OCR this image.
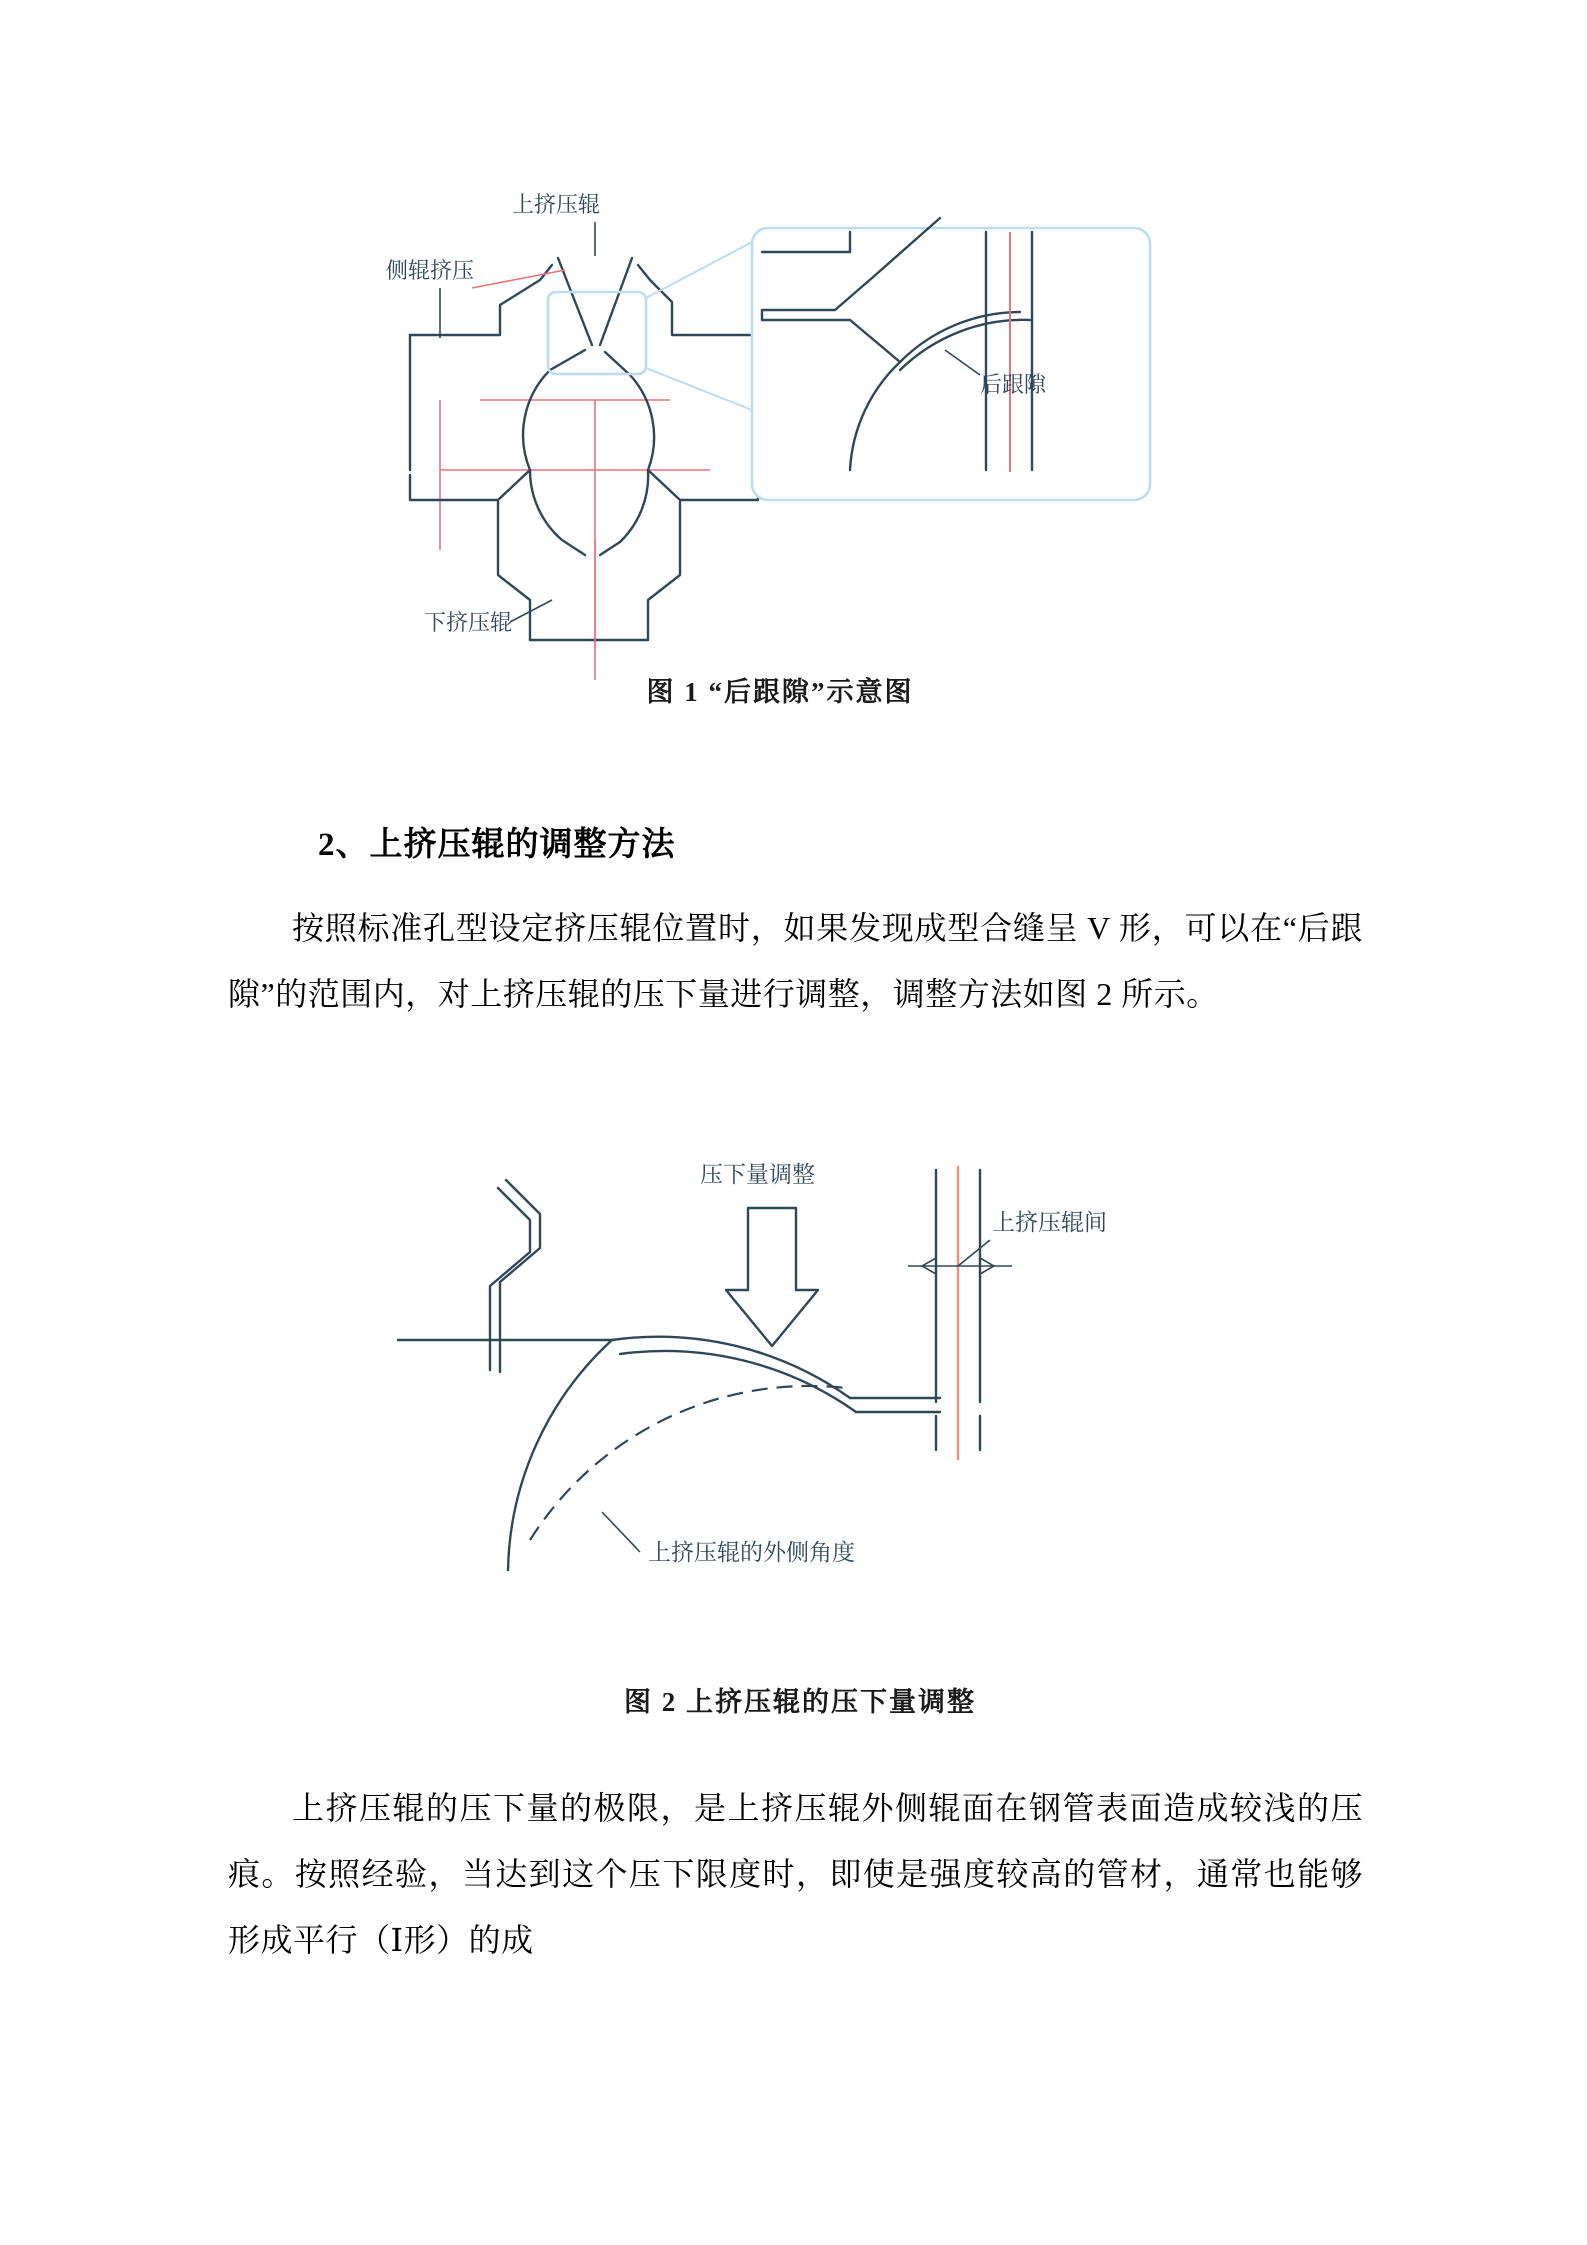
后跟隙
上挤压辊
侧辊挤压
下挤压辊
图 1 “后跟隙”示意图
2、上挤压辊的调整方法
按照标准孔型设定挤压辊位置时，如果发现成型合缝呈 V 形，可以在“后跟隙”的范围内，对上挤压辊的压下量进行调整，调整方法如图 2 所示。
压下量调整
上挤压辊间
上挤压辊的外侧角度
图 2 上挤压辊的压下量调整
上挤压辊的压下量的极限，是上挤压辊外侧辊面在钢管表面造成较浅的压痕。按照经验，当达到这个压下限度时，即使是强度较高的管材，通常也能够形成平行（Ⅰ形）的成
